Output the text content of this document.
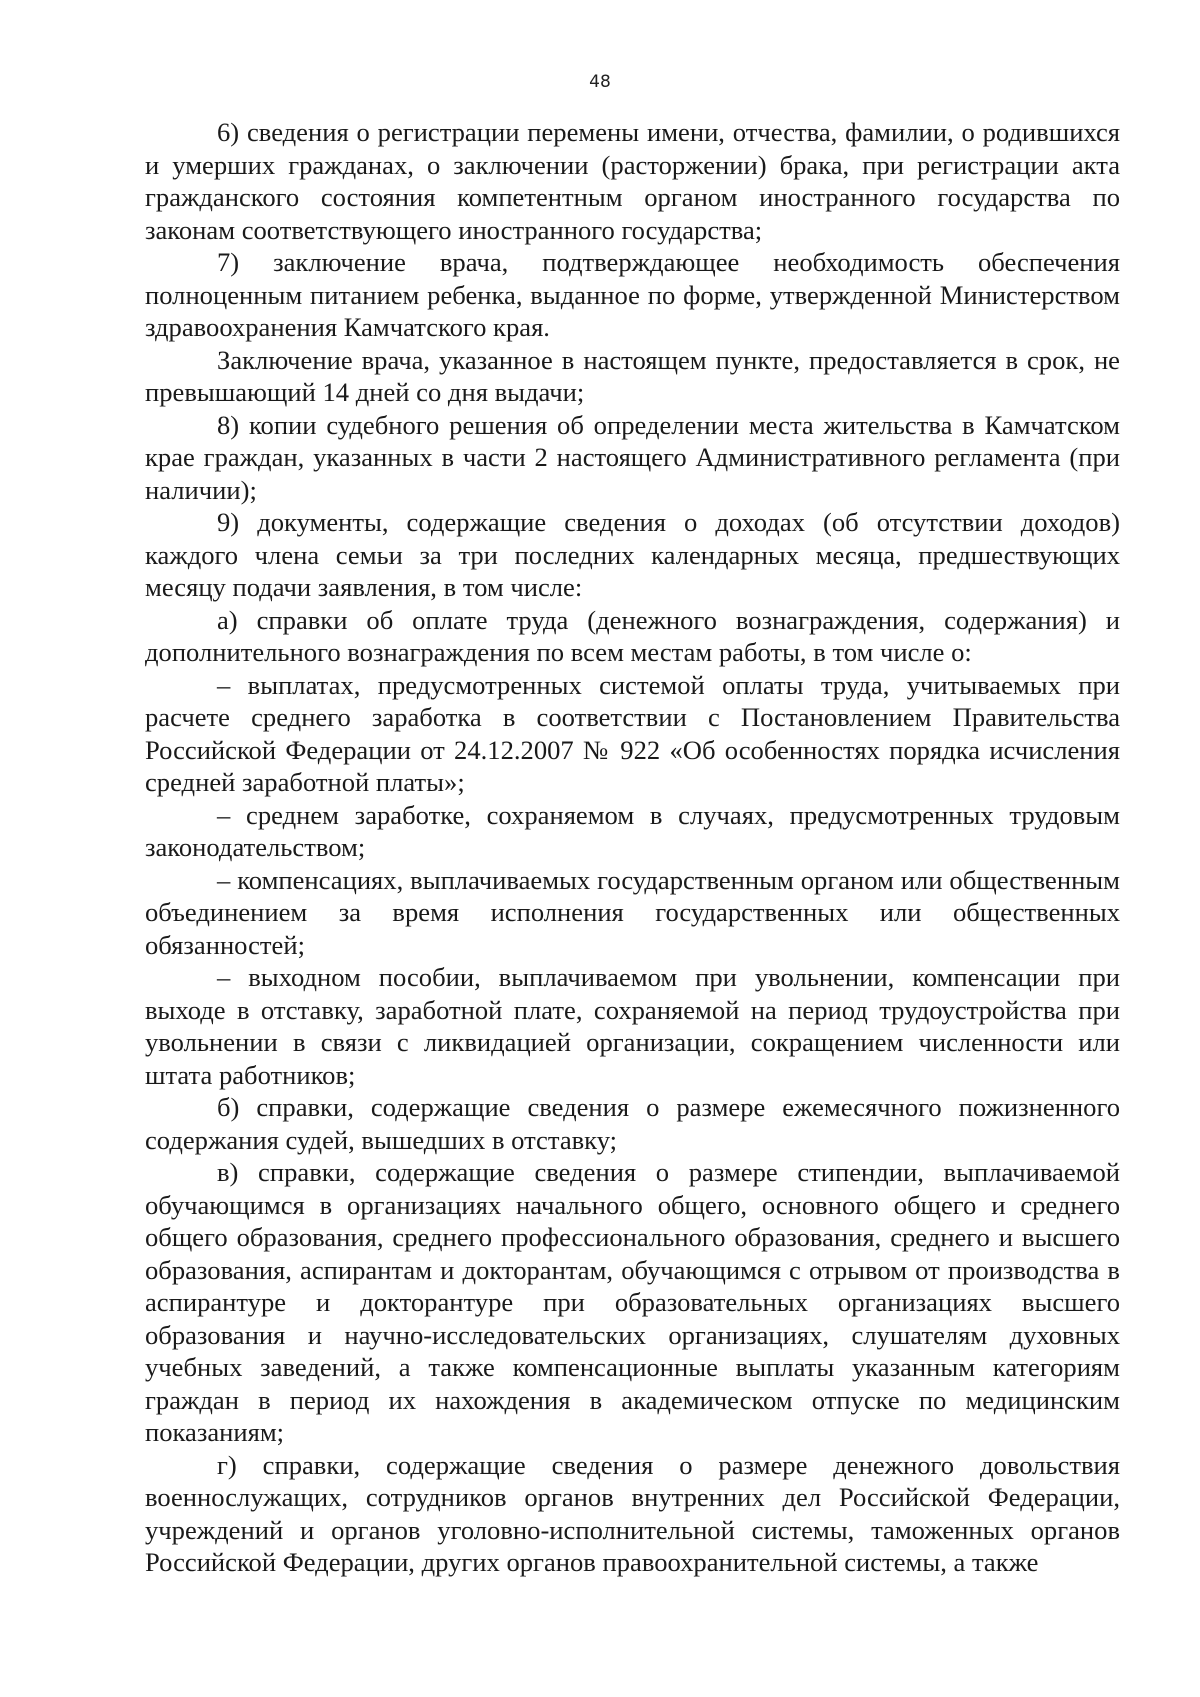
48

6) сведения о регистрации перемены имени, отчества, фамилии, о родившихся и умерших гражданах, о заключении (расторжении) брака, при регистрации акта гражданского состояния компетентным органом иностранного государства по законам соответствующего иностранного государства;

7) заключение врача, подтверждающее необходимость обеспечения полноценным питанием ребенка, выданное по форме, утвержденной Министерством здравоохранения Камчатского края.

Заключение врача, указанное в настоящем пункте, предоставляется в срок, не превышающий 14 дней со дня выдачи;

8) копии судебного решения об определении места жительства в Камчатском крае граждан, указанных в части 2 настоящего Административного регламента (при наличии);

9) документы, содержащие сведения о доходах (об отсутствии доходов) каждого члена семьи за три последних календарных месяца, предшествующих месяцу подачи заявления, в том числе:

а) справки об оплате труда (денежного вознаграждения, содержания) и дополнительного вознаграждения по всем местам работы, в том числе о:

– выплатах, предусмотренных системой оплаты труда, учитываемых при расчете среднего заработка в соответствии с Постановлением Правительства Российской Федерации от 24.12.2007 № 922 «Об особенностях порядка исчисления средней заработной платы»;

– среднем заработке, сохраняемом в случаях, предусмотренных трудовым законодательством;

– компенсациях, выплачиваемых государственным органом или общественным объединением за время исполнения государственных или общественных обязанностей;

– выходном пособии, выплачиваемом при увольнении, компенсации при выходе в отставку, заработной плате, сохраняемой на период трудоустройства при увольнении в связи с ликвидацией организации, сокращением численности или штата работников;

б) справки, содержащие сведения о размере ежемесячного пожизненного содержания судей, вышедших в отставку;

в) справки, содержащие сведения о размере стипендии, выплачиваемой обучающимся в организациях начального общего, основного общего и среднего общего образования, среднего профессионального образования, среднего и высшего образования, аспирантам и докторантам, обучающимся с отрывом от производства в аспирантуре и докторантуре при образовательных организациях высшего образования и научно-исследовательских организациях, слушателям духовных учебных заведений, а также компенсационные выплаты указанным категориям граждан в период их нахождения в академическом отпуске по медицинским показаниям;

г) справки, содержащие сведения о размере денежного довольствия военнослужащих, сотрудников органов внутренних дел Российской Федерации, учреждений и органов уголовно-исполнительной системы, таможенных органов Российской Федерации, других органов правоохранительной системы, а также
